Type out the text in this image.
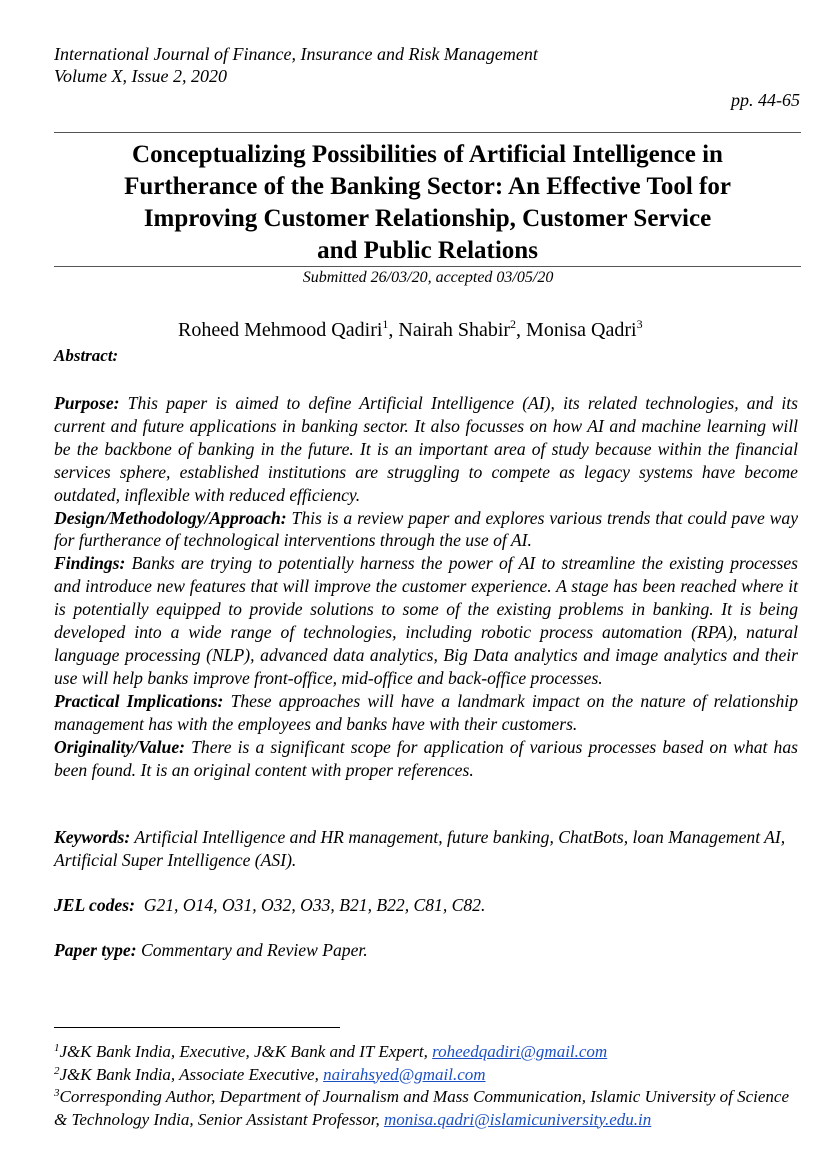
International Journal of Finance, Insurance and Risk Management
Volume X, Issue 2, 2020
pp. 44-65
Conceptualizing Possibilities of Artificial Intelligence in
Furtherance of the Banking Sector: An Effective Tool for
Improving Customer Relationship, Customer Service
and Public Relations
Submitted 26/03/20, accepted 03/05/20
Roheed Mehmood Qadiri$^1$, Nairah Shabir$^2$, Monisa Qadri$^3$
Abstract:

Purpose: This paper is aimed to define Artificial Intelligence (AI), its related technologies, and its current and future applications in banking sector. It also focusses on how AI and machine learning will be the backbone of banking in the future. It is an important area of study because within the financial services sphere, established institutions are struggling to compete as legacy systems have become outdated, inflexible with reduced efficiency.

Design/Methodology/Approach: This is a review paper and explores various trends that could pave way for furtherance of technological interventions through the use of AI.

Findings: Banks are trying to potentially harness the power of AI to streamline the existing processes and introduce new features that will improve the customer experience. A stage has been reached where it is potentially equipped to provide solutions to some of the existing problems in banking. It is being developed into a wide range of technologies, including robotic process automation (RPA), natural language processing (NLP), advanced data analytics, Big Data analytics and image analytics and their use will help banks improve front-office, mid-office and back-office processes.

Practical Implications: These approaches will have a landmark impact on the nature of relationship management has with the employees and banks have with their customers.

Originality/Value: There is a significant scope for application of various processes based on what has been found. It is an original content with proper references.

Keywords: Artificial Intelligence and HR management, future banking, ChatBots, loan Management AI, Artificial Super Intelligence (ASI).
JEL codes:  G21, O14, O31, O32, O33, B21, B22, C81, C82.
Paper type: Commentary and Review Paper.
$^1$J&K Bank India, Executive, J&K Bank and IT Expert, roheedqadiri@gmail.com
$^2$J&K Bank India, Associate Executive, nairahsyed@gmail.com
$^3$Corresponding Author, Department of Journalism and Mass Communication, Islamic University of Science & Technology India, Senior Assistant Professor, monisa.qadri@islamicuniversity.edu.in
